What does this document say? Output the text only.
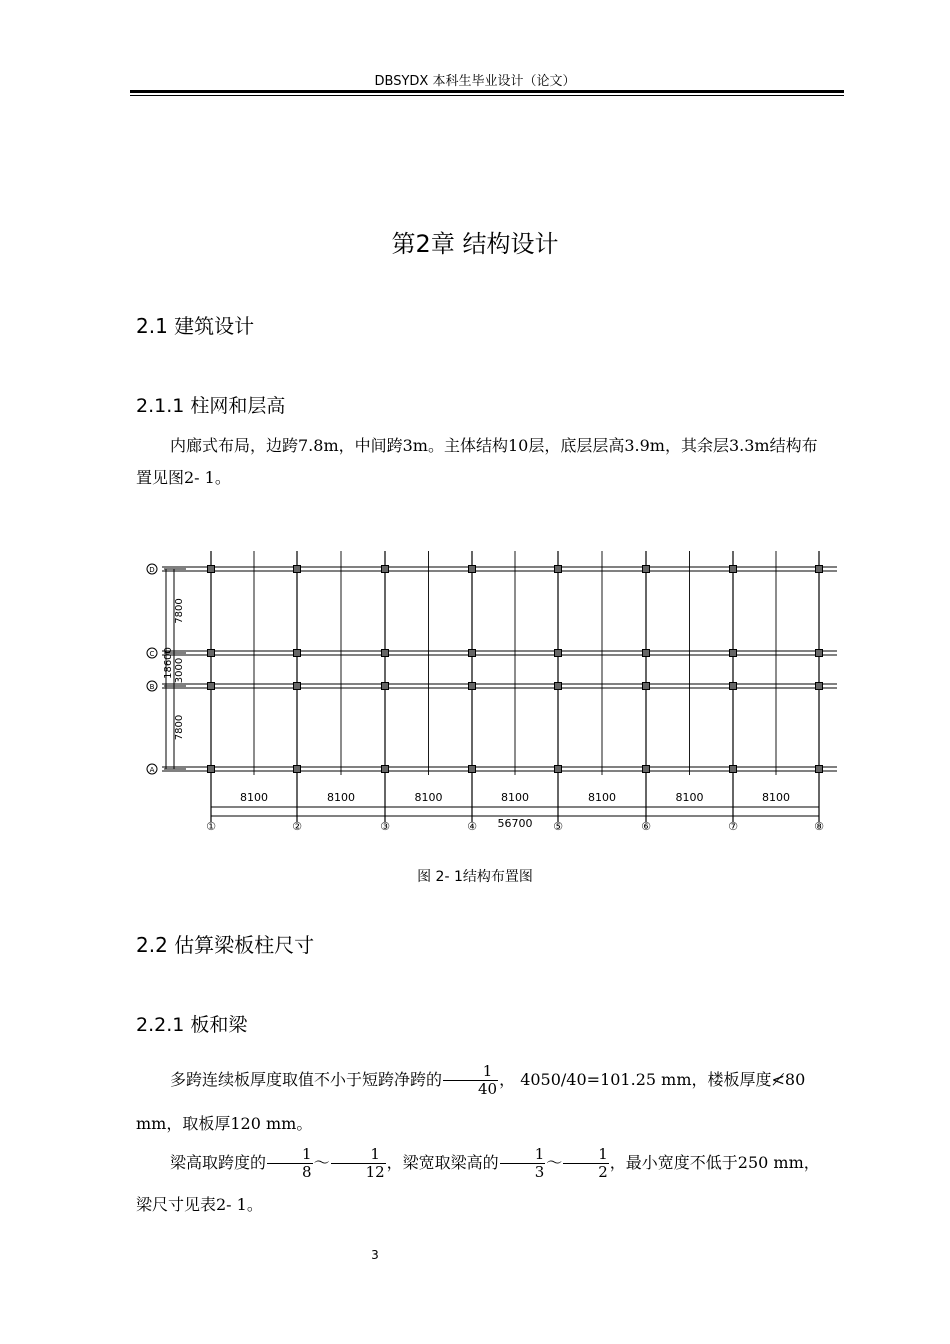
DBSYDX 本科生毕业设计（论文）
第2章 结构设计
2.1 建筑设计
2.1.1 柱网和层高
内廊式布局，边跨7.8m，中间跨3m。主体结构10层，底层层高3.9m，其余层3.3m结构布置见图2- 1。
D
C
B
A
①	②	③	④	⑤	⑥	⑦	⑧
8100	8100	8100	8100	8100	8100	8100
56700
7800
3000
7800
18600
图 2- 1结构布置图
2.2 估算梁板柱尺寸
2.2.1 板和梁
多跨连续板厚度取值不小于短跨净跨的 $\frac{1}{40}$ ， 4050/40=101.25 mm，楼板厚度≮80 mm，取板厚120 mm。
梁高取跨度的 $\frac{1}{8}$ ～ $\frac{1}{12}$ ，梁宽取梁高的 $\frac{1}{3}$ ～ $\frac{1}{2}$ ，最小宽度不低于250 mm，梁尺寸见表2- 1。
3
